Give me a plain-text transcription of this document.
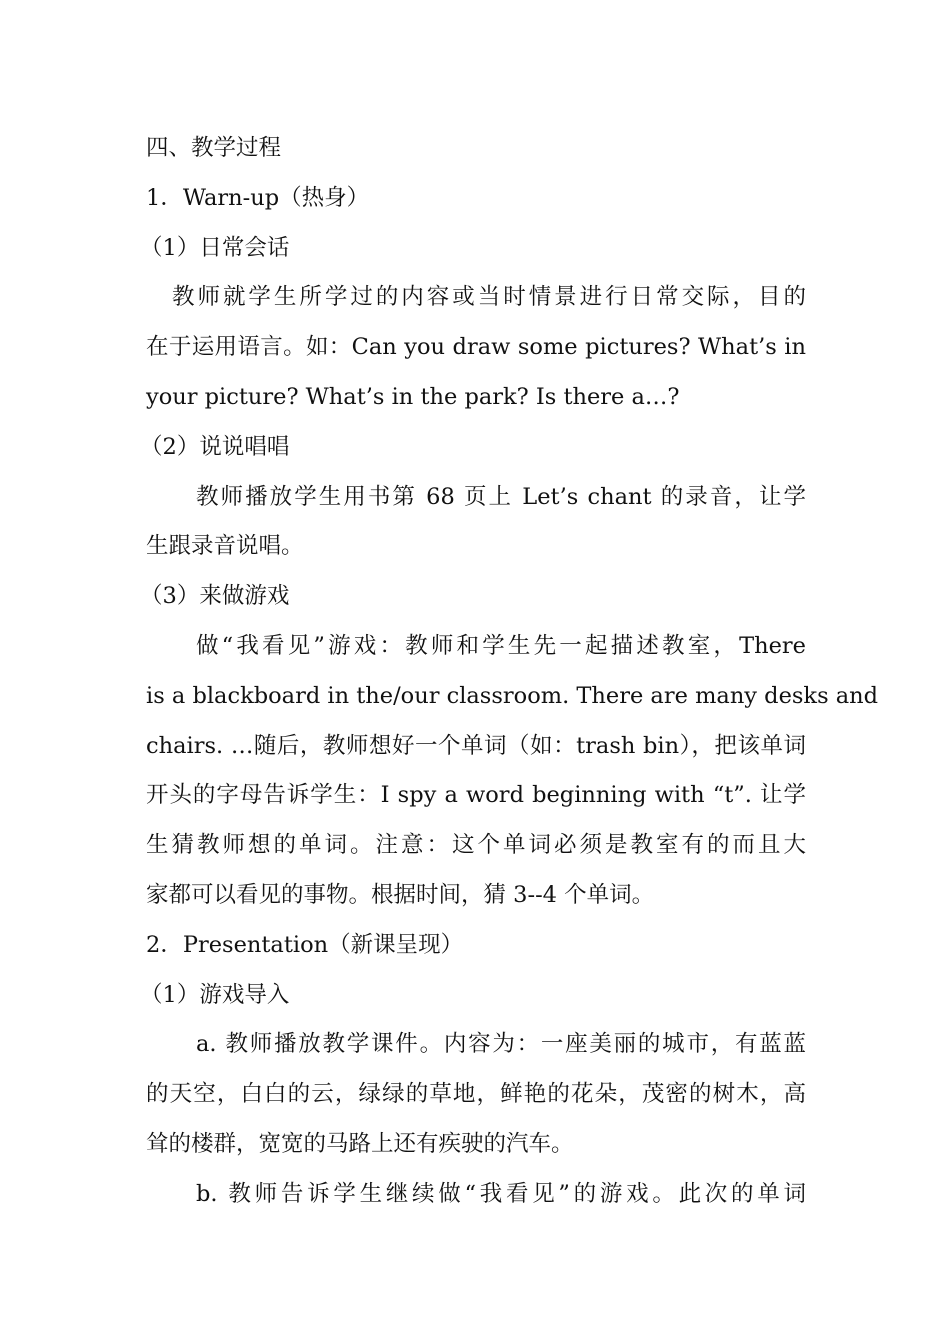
四、教学过程
1．Warn-up（热身）
（1）日常会话
教师就学生所学过的内容或当时情景进行日常交际，目的
在于运用语言。如：Can you draw some pictures? What’s in
your picture? What’s in the park? Is there a…?
（2）说说唱唱
教师播放学生用书第 68 页上 Let’s chant 的录音，让学
生跟录音说唱。
（3）来做游戏
做“我看见”游戏：教师和学生先一起描述教室，There
is a blackboard in the/our classroom. There are many desks and
chairs. …随后，教师想好一个单词（如：trash bin），把该单词
开头的字母告诉学生：I spy a word beginning with “t”. 让学
生猜教师想的单词。注意：这个单词必须是教室有的而且大
家都可以看见的事物。根据时间，猜 3--4 个单词。
2．Presentation（新课呈现）
（1）游戏导入
a. 教师播放教学课件。内容为：一座美丽的城市，有蓝蓝
的天空，白白的云，绿绿的草地，鲜艳的花朵，茂密的树木，高
耸的楼群，宽宽的马路上还有疾驶的汽车。
b. 教师告诉学生继续做“我看见”的游戏。此次的单词
